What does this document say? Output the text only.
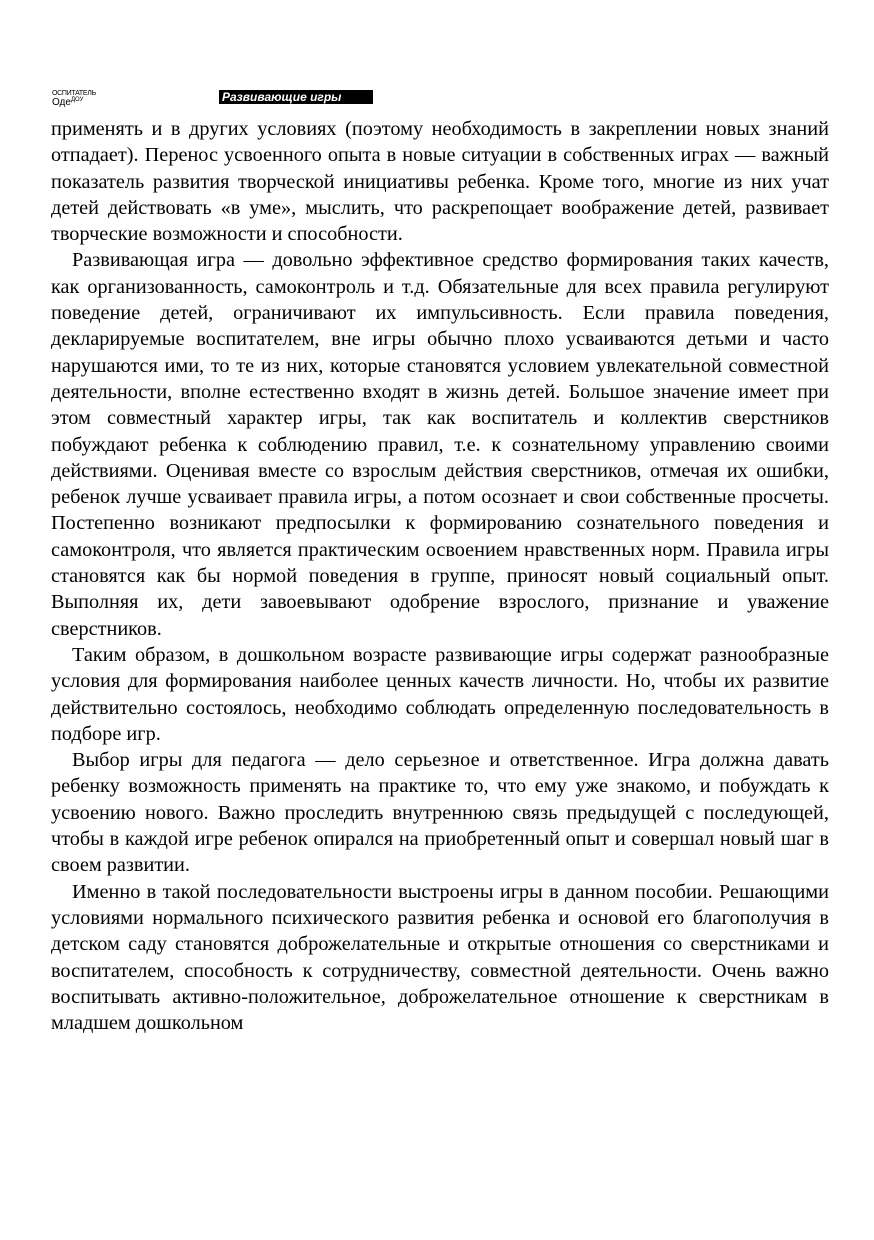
ОСПИТАТЕЛЬ
Оде$^{ДОУ}$	Развивающие игры

применять и в других условиях (поэтому необходимость в закреплении новых знаний отпадает). Перенос усвоенного опыта в новые ситуации в собственных играх — важный показатель развития творческой инициативы ребенка. Кроме того, многие из них учат детей действовать «в уме», мыслить, что раскрепощает воображение детей, развивает творческие возможности и способности.

Развивающая игра — довольно эффективное средство формирования таких качеств, как организованность, самоконтроль и т.д. Обязательные для всех правила регулируют поведение детей, ограничивают их импульсивность. Если правила поведения, декларируемые воспитателем, вне игры обычно плохо усваиваются детьми и часто нарушаются ими, то те из них, которые становятся условием увлекательной совместной деятельности, вполне естественно входят в жизнь детей. Большое значение имеет при этом совместный характер игры, так как воспитатель и коллектив сверстников побуждают ребенка к соблюдению правил, т.е. к сознательному управлению своими действиями. Оценивая вместе со взрослым действия сверстников, отмечая их ошибки, ребенок лучше усваивает правила игры, а потом осознает и свои собственные просчеты. Постепенно возникают предпосылки к формированию сознательного поведения и самоконтроля, что является практическим освоением нравственных норм. Правила игры становятся как бы нормой поведения в группе, приносят новый социальный опыт. Выполняя их, дети завоевывают одобрение взрослого, признание и уважение сверстников.

Таким образом, в дошкольном возрасте развивающие игры содержат разнообразные условия для формирования наиболее ценных качеств личности. Но, чтобы их развитие действительно состоялось, необходимо соблюдать определенную последовательность в подборе игр.

Выбор игры для педагога — дело серьезное и ответственное. Игра должна давать ребенку возможность применять на практике то, что ему уже знакомо, и побуждать к усвоению нового. Важно проследить внутреннюю связь предыдущей с последующей, чтобы в каждой игре ребенок опирался на приобретенный опыт и совершал новый шаг в своем развитии.

Именно в такой последовательности выстроены игры в данном пособии. Решающими условиями нормального психического развития ребенка и основой его благополучия в детском саду становятся доброжелательные и открытые отношения со сверстниками и воспитателем, способность к сотрудничеству, совместной деятельности. Очень важно воспитывать активно-положительное, доброжелательное отношение к сверстникам в младшем дошкольном
